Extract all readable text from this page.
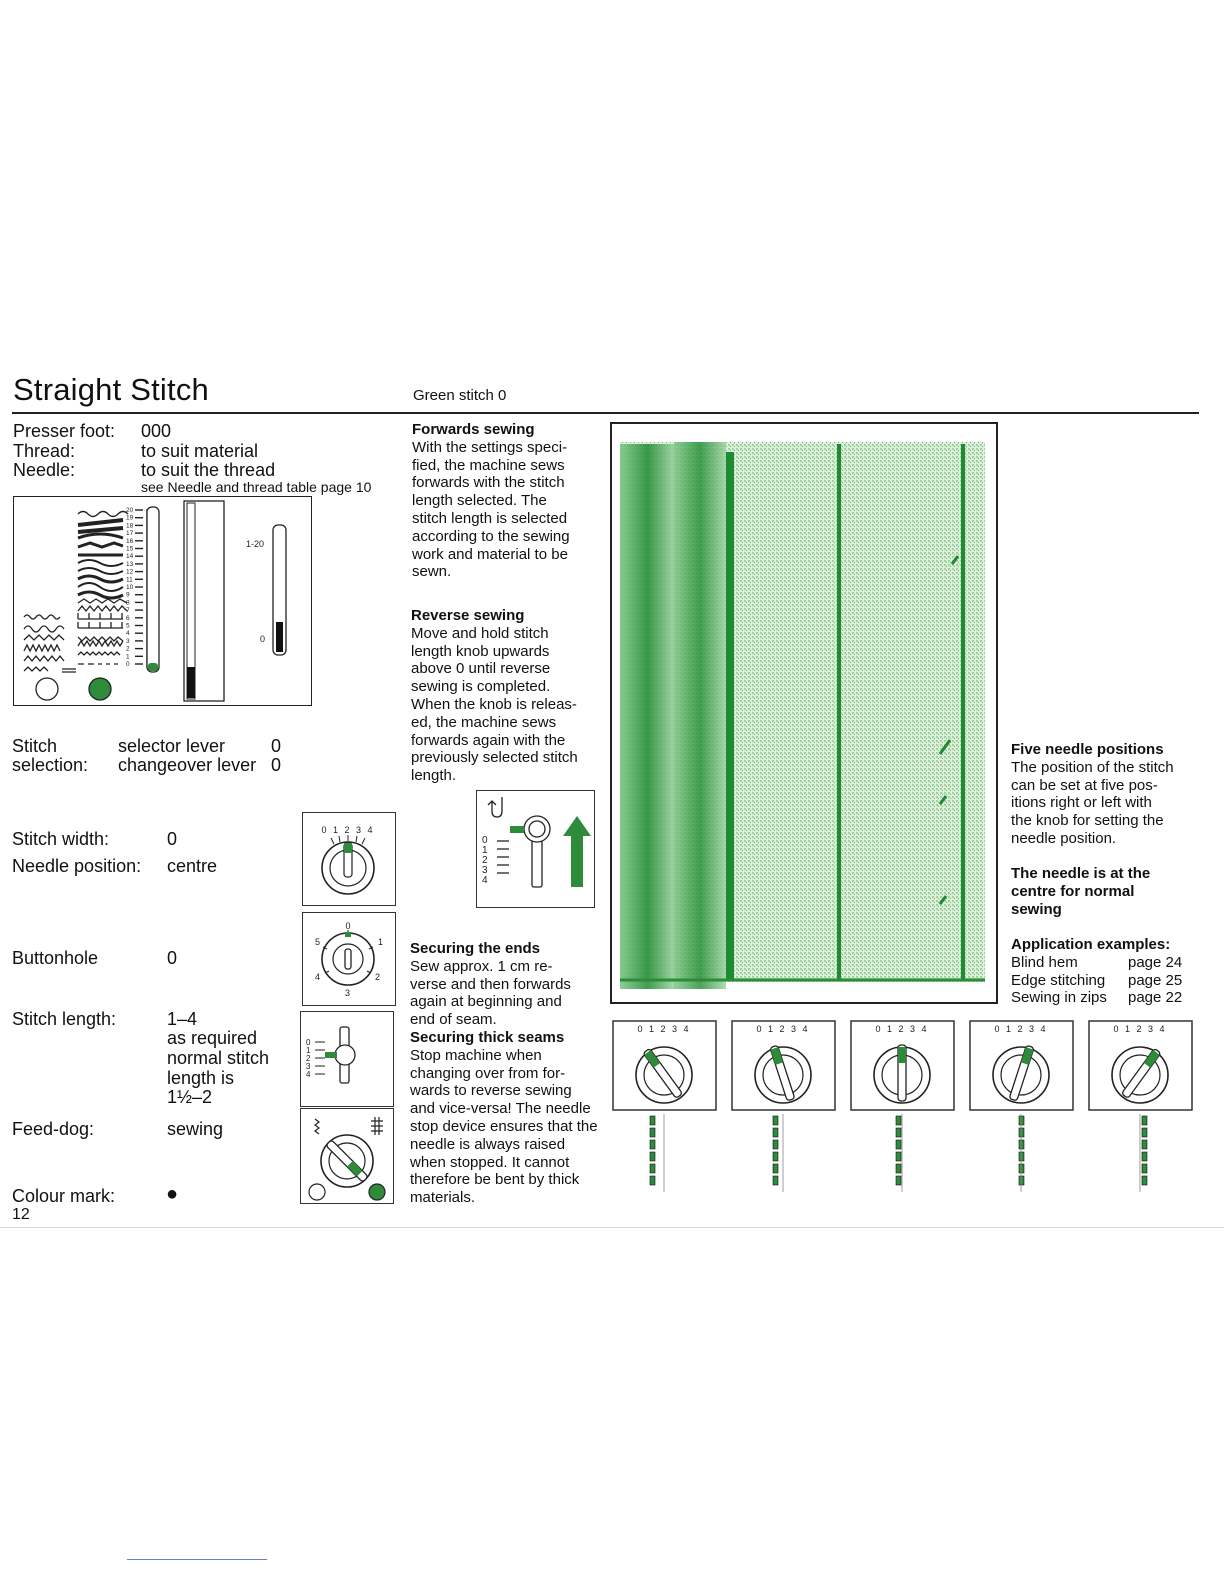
Straight Stitch	Green stitch 0
Presser foot: 000
Thread:	to suit material
Needle:	to suit the thread
see Needle and thread table page 10
20
19
18
17
16
15
14
13
12
11
10
9
8
7
6
5
4
3
2
1
0
1-20
0
Stitch
selection:
selector lever	0
changeover lever 0
Stitch width:	0
Needle position: centre
Buttonhole	0
Stitch length:	1–4
as required
normal stitch
length is
1½–2
Feed-dog:	sewing
Colour mark:	●
12
0 1 2 3 4
0
1
2
3
4
5
0
1
2
3
4
Forwards sewing
With the settings speci-
fied, the machine sews
forwards with the stitch
length selected. The
stitch length is selected
according to the sewing
work and material to be
sewn.
Reverse sewing
Move and hold stitch
length knob upwards
above 0 until reverse
sewing is completed.
When the knob is releas-
ed, the machine sews
forwards again with the
previously selected stitch
length.
0
1
2
3
4
Securing the ends
Sew approx. 1 cm re-
verse and then forwards
again at beginning and
end of seam.
Securing thick seams
Stop machine when
changing over from for-
wards to reverse sewing
and vice-versa! The needle
stop device ensures that the
needle is always raised
when stopped. It cannot
therefore be bent by thick
materials.
Five needle positions
The position of the stitch
can be set at five pos-
itions right or left with
the knob for setting the
needle position.
The needle is at the
centre for normal
sewing
Application examples:
Blind hem	page 24
Edge stitching	page 25
Sewing in zips	page 22
0 1 2 3 4	0 1 2 3 4	0 1 2 3 4	0 1 2 3 4	0 1 2 3 4
